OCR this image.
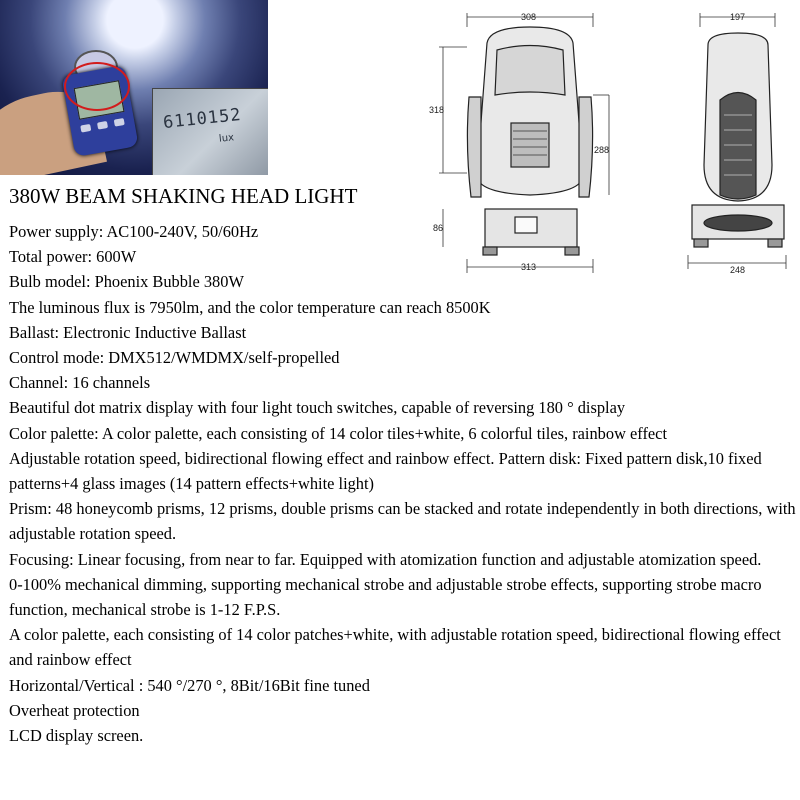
6110152
lux
308
318
288
86
313
197
248
380W BEAM SHAKING HEAD LIGHT
Power supply: AC100-240V, 50/60Hz
Total power: 600W
Bulb model: Phoenix Bubble 380W
The luminous flux is 7950lm, and the color temperature can reach 8500K
Ballast: Electronic Inductive Ballast
Control mode: DMX512/WMDMX/self-propelled
Channel: 16 channels
Beautiful dot matrix display with four light touch switches, capable of reversing 180 ° display
Color palette: A color palette, each consisting of 14 color tiles+white, 6 colorful tiles, rainbow effect
Adjustable rotation speed, bidirectional flowing effect and rainbow effect. Pattern disk: Fixed pattern disk,10 fixed patterns+4 glass images (14 pattern effects+white light)
Prism: 48 honeycomb prisms, 12 prisms, double prisms can be stacked and rotate independently in both directions, with adjustable rotation speed.
Focusing: Linear focusing, from near to far. Equipped with atomization function and adjustable atomization speed.
0-100% mechanical dimming, supporting mechanical strobe and adjustable strobe effects, supporting strobe macro function, mechanical strobe is 1-12 F.P.S.
A color palette, each consisting of 14 color patches+white, with adjustable rotation speed, bidirectional flowing effect and rainbow effect
Horizontal/Vertical : 540 °/270 °, 8Bit/16Bit fine tuned
Overheat protection
LCD display screen.
